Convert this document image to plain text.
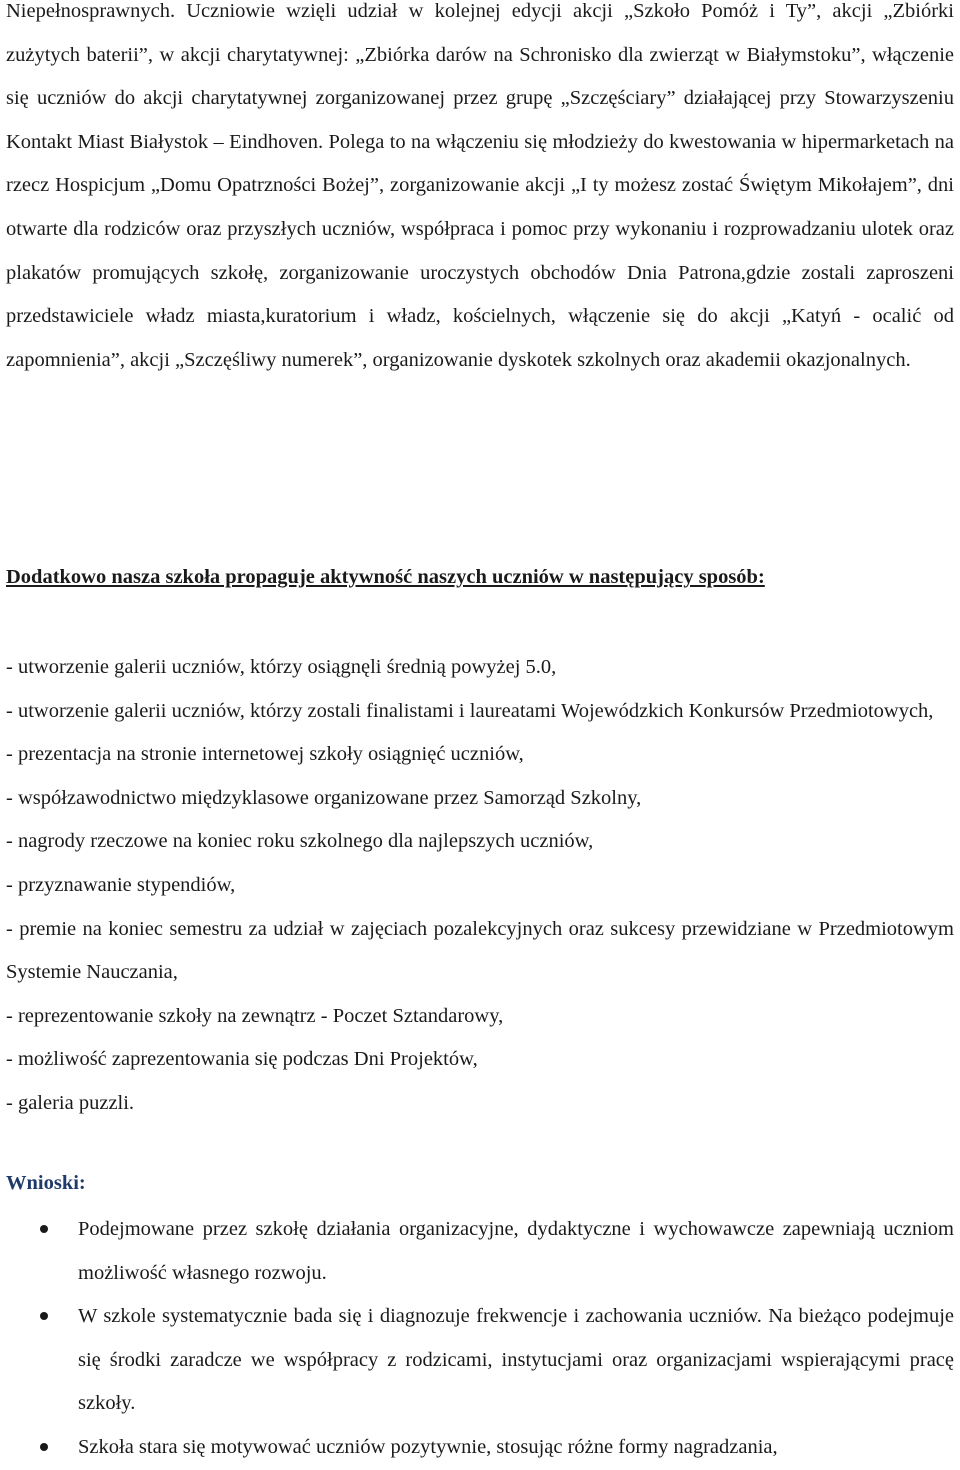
Niepełnosprawnych. Uczniowie wzięli udział w kolejnej edycji akcji „Szkoło Pomóż i Ty”, akcji „Zbiórki zużytych baterii”, w akcji charytatywnej: „Zbiórka darów na Schronisko dla zwierząt w Białymstoku”, włączenie się uczniów do akcji charytatywnej zorganizowanej przez grupę „Szczęściary” działającej przy Stowarzyszeniu Kontakt Miast Białystok – Eindhoven. Polega to na włączeniu się młodzieży do kwestowania w hipermarketach na rzecz Hospicjum „Domu Opatrzności Bożej”, zorganizowanie akcji „I ty możesz zostać Świętym Mikołajem”, dni otwarte dla rodziców oraz przyszłych uczniów, współpraca i pomoc przy wykonaniu i rozprowadzaniu ulotek oraz plakatów promujących szkołę, zorganizowanie uroczystych obchodów Dnia Patrona,gdzie zostali zaproszeni przedstawiciele władz miasta,kuratorium i władz, kościelnych, włączenie się do akcji „Katyń - ocalić od zapomnienia”, akcji „Szczęśliwy numerek”, organizowanie dyskotek szkolnych oraz akademii okazjonalnych.

Dodatkowo nasza szkoła propaguje aktywność naszych uczniów w następujący sposób:

- utworzenie galerii uczniów, którzy osiągnęli średnią powyżej 5.0,
- utworzenie galerii uczniów, którzy zostali finalistami i laureatami Wojewódzkich Konkursów Przedmiotowych,
- prezentacja na stronie internetowej szkoły osiągnięć uczniów,
- współzawodnictwo międzyklasowe organizowane przez Samorząd Szkolny,
- nagrody rzeczowe na koniec roku szkolnego dla najlepszych uczniów,
- przyznawanie stypendiów,
- premie na koniec semestru za udział w zajęciach pozalekcyjnych oraz sukcesy przewidziane w Przedmiotowym Systemie Nauczania,
- reprezentowanie szkoły na zewnątrz - Poczet Sztandarowy,
- możliwość zaprezentowania się podczas Dni Projektów,
- galeria puzzli.

Wnioski:

Podejmowane przez szkołę działania organizacyjne, dydaktyczne i wychowawcze zapewniają uczniom możliwość własnego rozwoju.
W szkole systematycznie bada się i diagnozuje frekwencje i zachowania uczniów. Na bieżąco podejmuje się środki zaradcze we współpracy z rodzicami, instytucjami oraz organizacjami wspierającymi pracę szkoły.
Szkoła stara się motywować uczniów pozytywnie, stosując różne formy nagradzania,
